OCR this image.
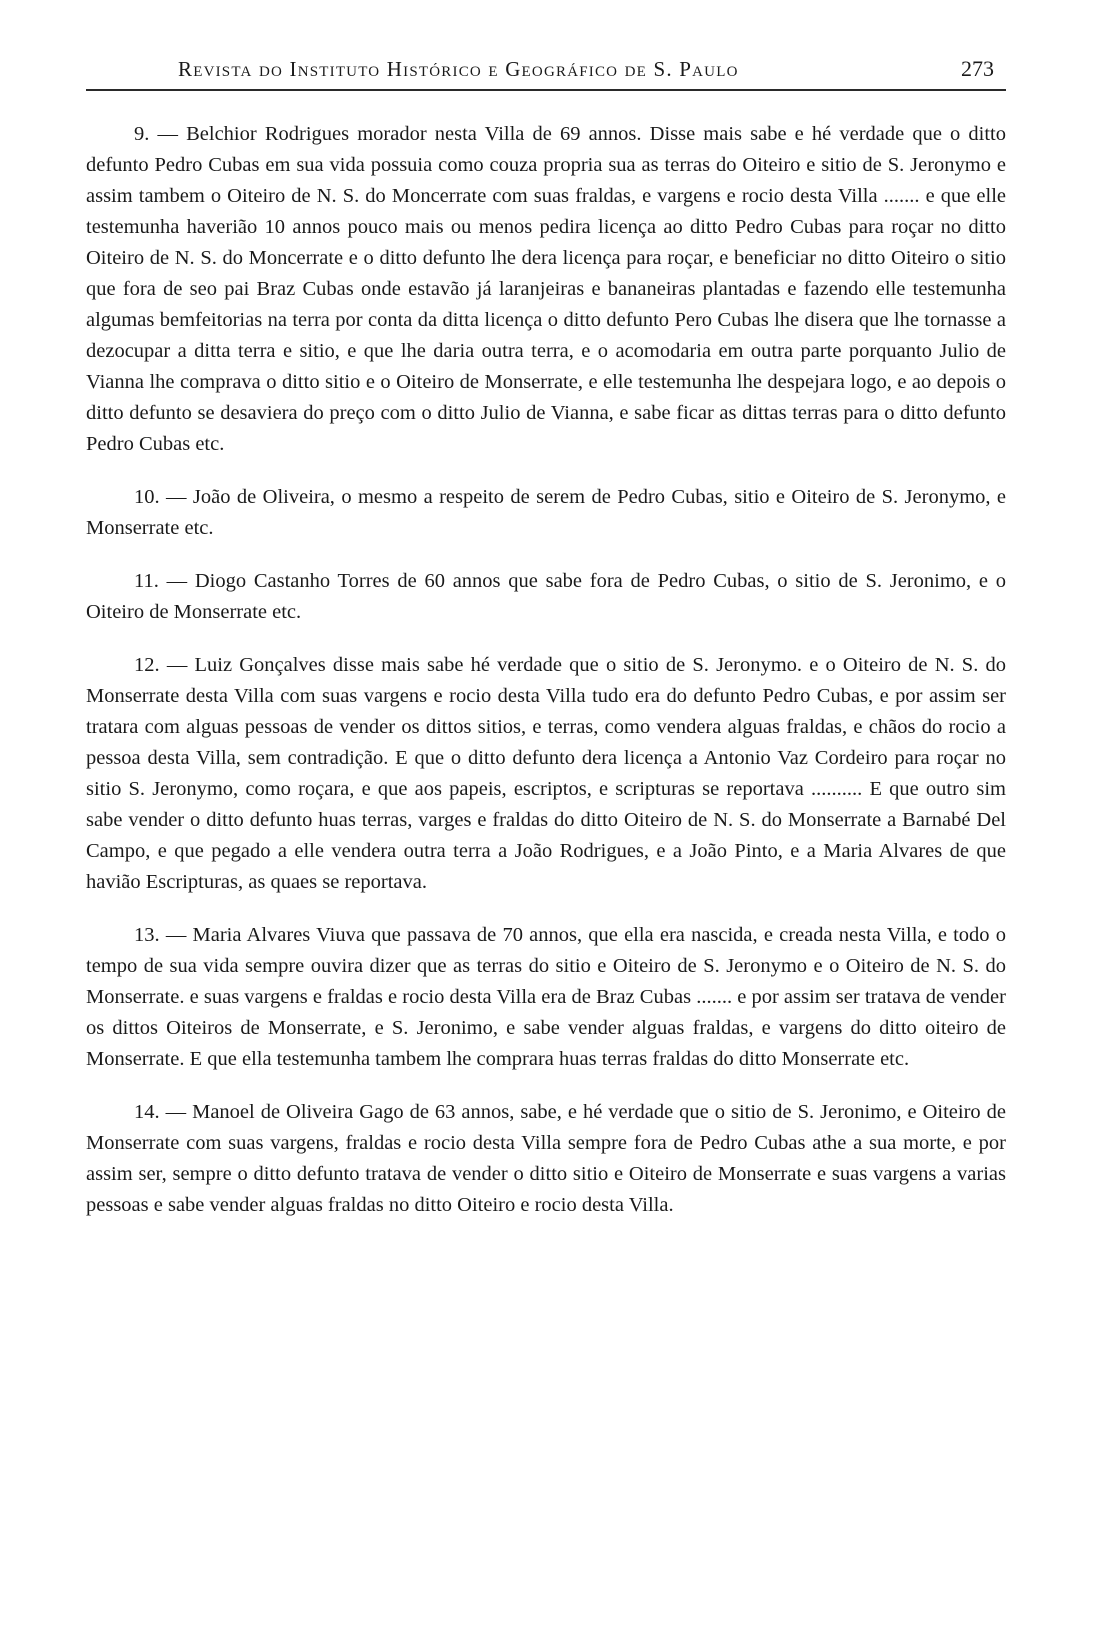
Revista do Instituto Histórico e Geográfico de S. Paulo	273

9. — Belchior Rodrigues morador nesta Villa de 69 annos. Disse mais sabe e hé verdade que o ditto defunto Pedro Cubas em sua vida possuia como couza propria sua as terras do Oiteiro e sitio de S. Jeronymo e assim tambem o Oiteiro de N. S. do Moncerrate com suas fraldas, e vargens e rocio desta Villa ....... e que elle testemunha haverião 10 annos pouco mais ou menos pedira licença ao ditto Pedro Cubas para roçar no ditto Oiteiro de N. S. do Moncerrate e o ditto defunto lhe dera licença para roçar, e beneficiar no ditto Oiteiro o sitio que fora de seo pai Braz Cubas onde estavão já laranjeiras e bananeiras plantadas e fazendo elle testemunha algumas bemfeitorias na terra por conta da ditta licença o ditto defunto Pero Cubas lhe disera que lhe tornasse a dezocupar a ditta terra e sitio, e que lhe daria outra terra, e o acomodaria em outra parte porquanto Julio de Vianna lhe comprava o ditto sitio e o Oiteiro de Monserrate, e elle testemunha lhe despejara logo, e ao depois o ditto defunto se desaviera do preço com o ditto Julio de Vianna, e sabe ficar as dittas terras para o ditto defunto Pedro Cubas etc.

10. — João de Oliveira, o mesmo a respeito de serem de Pedro Cubas, sitio e Oiteiro de S. Jeronymo, e Monserrate etc.

11. — Diogo Castanho Torres de 60 annos que sabe fora de Pedro Cubas, o sitio de S. Jeronimo, e o Oiteiro de Monserrate etc.

12. — Luiz Gonçalves disse mais sabe hé verdade que o sitio de S. Jeronymo. e o Oiteiro de N. S. do Monserrate desta Villa com suas vargens e rocio desta Villa tudo era do defunto Pedro Cubas, e por assim ser tratara com alguas pessoas de vender os dittos sitios, e terras, como vendera alguas fraldas, e chãos do rocio a pessoa desta Villa, sem contradição. E que o ditto defunto dera licença a Antonio Vaz Cordeiro para roçar no sitio S. Jeronymo, como roçara, e que aos papeis, escriptos, e scripturas se reportava .......... E que outro sim sabe vender o ditto defunto huas terras, varges e fraldas do ditto Oiteiro de N. S. do Monserrate a Barnabé Del Campo, e que pegado a elle vendera outra terra a João Rodrigues, e a João Pinto, e a Maria Alvares de que havião Escripturas, as quaes se reportava.

13. — Maria Alvares Viuva que passava de 70 annos, que ella era nascida, e creada nesta Villa, e todo o tempo de sua vida sempre ouvira dizer que as terras do sitio e Oiteiro de S. Jeronymo e o Oiteiro de N. S. do Monserrate. e suas vargens e fraldas e rocio desta Villa era de Braz Cubas ....... e por assim ser tratava de vender os dittos Oiteiros de Monserrate, e S. Jeronimo, e sabe vender alguas fraldas, e vargens do ditto oiteiro de Monserrate. E que ella testemunha tambem lhe comprara huas terras fraldas do ditto Monserrate etc.

14. — Manoel de Oliveira Gago de 63 annos, sabe, e hé verdade que o sitio de S. Jeronimo, e Oiteiro de Monserrate com suas vargens, fraldas e rocio desta Villa sempre fora de Pedro Cubas athe a sua morte, e por assim ser, sempre o ditto defunto tratava de vender o ditto sitio e Oiteiro de Monserrate e suas vargens a varias pessoas e sabe vender alguas fraldas no ditto Oiteiro e rocio desta Villa.
